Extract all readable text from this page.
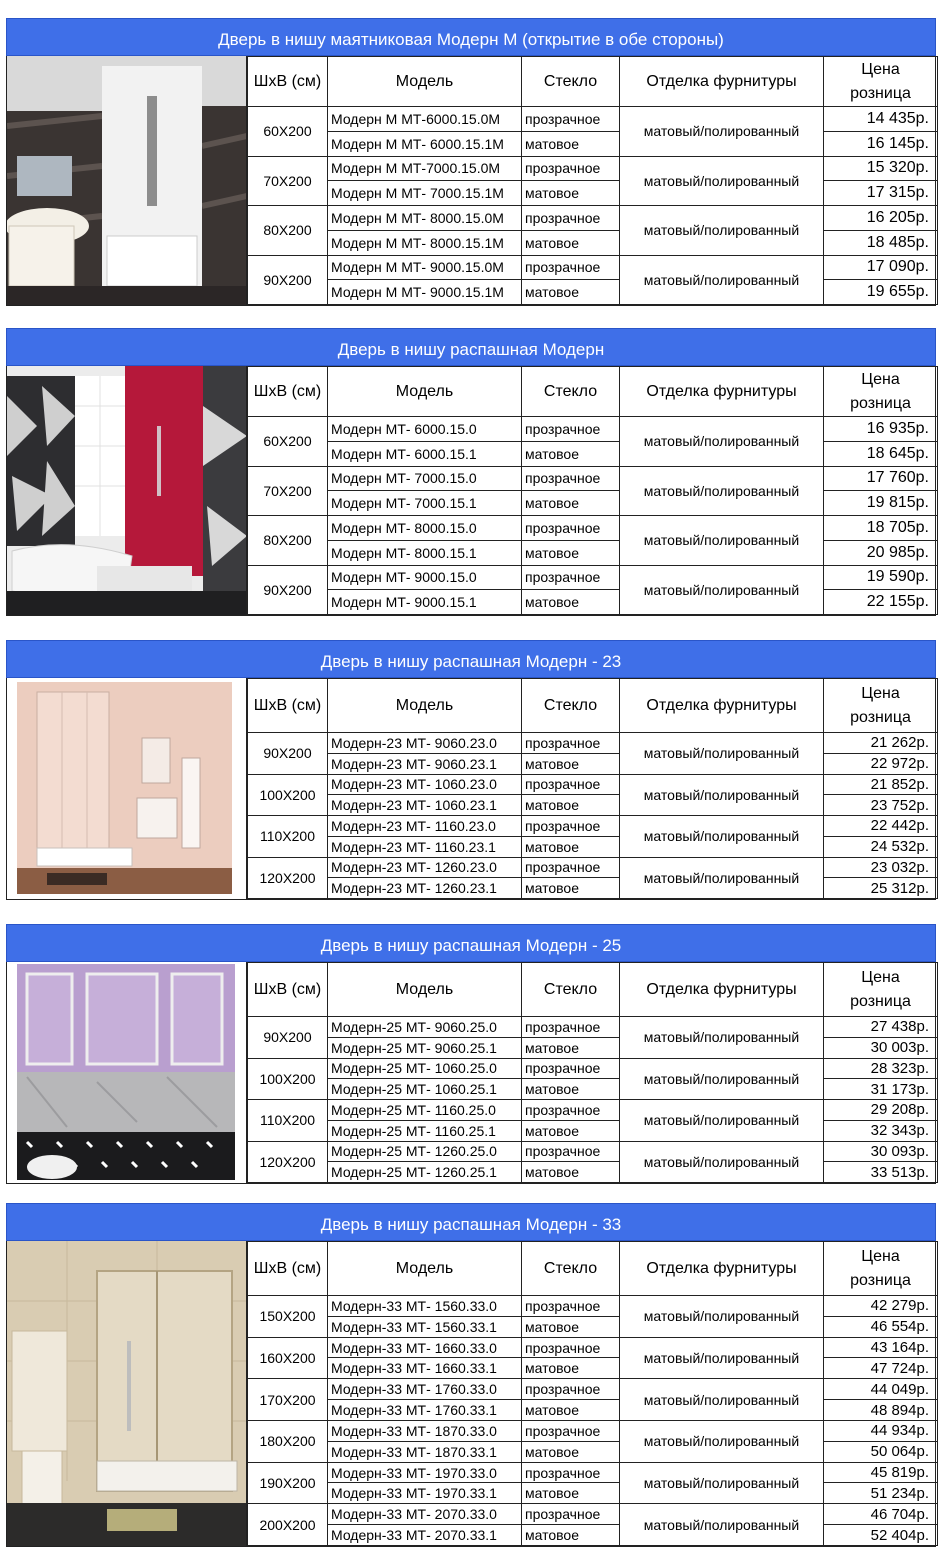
Дверь в нишу маятниковая Модерн М (открытие в обе стороны)
ШхВ (см)	Модель	Стекло	Отделка фурнитуры	Цена
розница
60Х200	Модерн М МТ-6000.15.0М	прозрачное	матовый/полированный	14 435р.
	Модерн М МТ- 6000.15.1М	матовое		16 145р.
70Х200	Модерн М МТ-7000.15.0М	прозрачное	матовый/полированный	15 320р.
	Модерн М МТ- 7000.15.1М	матовое		17 315р.
80Х200	Модерн М МТ- 8000.15.0М	прозрачное	матовый/полированный	16 205р.
	Модерн М МТ- 8000.15.1М	матовое		18 485р.
90Х200	Модерн М МТ- 9000.15.0М	прозрачное	матовый/полированный	17 090р.
	Модерн М МТ- 9000.15.1М	матовое		19 655р.
Дверь в нишу распашная Модерн
ШхВ (см)	Модель	Стекло	Отделка фурнитуры	Цена
розница
60Х200	Модерн МТ- 6000.15.0	прозрачное	матовый/полированный	16 935р.
	Модерн МТ- 6000.15.1	матовое		18 645р.
70Х200	Модерн МТ- 7000.15.0	прозрачное	матовый/полированный	17 760р.
	Модерн МТ- 7000.15.1	матовое		19 815р.
80Х200	Модерн МТ- 8000.15.0	прозрачное	матовый/полированный	18 705р.
	Модерн МТ- 8000.15.1	матовое		20 985р.
90Х200	Модерн МТ- 9000.15.0	прозрачное	матовый/полированный	19 590р.
	Модерн МТ- 9000.15.1	матовое		22 155р.
Дверь в нишу распашная Модерн - 23
ШхВ (см)	Модель	Стекло	Отделка фурнитуры	Цена
розница
90Х200	Модерн-23 МТ- 9060.23.0	прозрачное	матовый/полированный	21 262р.
	Модерн-23 МТ- 9060.23.1	матовое		22 972р.
100Х200	Модерн-23 МТ- 1060.23.0	прозрачное	матовый/полированный	21 852р.
	Модерн-23 МТ- 1060.23.1	матовое		23 752р.
110Х200	Модерн-23 МТ- 1160.23.0	прозрачное	матовый/полированный	22 442р.
	Модерн-23 МТ- 1160.23.1	матовое		24 532р.
120Х200	Модерн-23 МТ- 1260.23.0	прозрачное	матовый/полированный	23 032р.
	Модерн-23 МТ- 1260.23.1	матовое		25 312р.
Дверь в нишу распашная Модерн - 25
ШхВ (см)	Модель	Стекло	Отделка фурнитуры	Цена
розница
90Х200	Модерн-25 МТ- 9060.25.0	прозрачное	матовый/полированный	27 438р.
	Модерн-25 МТ- 9060.25.1	матовое		30 003р.
100Х200	Модерн-25 МТ- 1060.25.0	прозрачное	матовый/полированный	28 323р.
	Модерн-25 МТ- 1060.25.1	матовое		31 173р.
110Х200	Модерн-25 МТ- 1160.25.0	прозрачное	матовый/полированный	29 208р.
	Модерн-25 МТ- 1160.25.1	матовое		32 343р.
120Х200	Модерн-25 МТ- 1260.25.0	прозрачное	матовый/полированный	30 093р.
	Модерн-25 МТ- 1260.25.1	матовое		33 513р.
Дверь в нишу распашная Модерн - 33
ШхВ (см)	Модель	Стекло	Отделка фурнитуры	Цена
розница
150Х200	Модерн-33 МТ- 1560.33.0	прозрачное	матовый/полированный	42 279р.
	Модерн-33 МТ- 1560.33.1	матовое		46 554р.
160Х200	Модерн-33 МТ- 1660.33.0	прозрачное	матовый/полированный	43 164р.
	Модерн-33 МТ- 1660.33.1	матовое		47 724р.
170Х200	Модерн-33 МТ- 1760.33.0	прозрачное	матовый/полированный	44 049р.
	Модерн-33 МТ- 1760.33.1	матовое		48 894р.
180Х200	Модерн-33 МТ- 1870.33.0	прозрачное	матовый/полированный	44 934р.
	Модерн-33 МТ- 1870.33.1	матовое		50 064р.
190Х200	Модерн-33 МТ- 1970.33.0	прозрачное	матовый/полированный	45 819р.
	Модерн-33 МТ- 1970.33.1	матовое		51 234р.
200Х200	Модерн-33 МТ- 2070.33.0	прозрачное	матовый/полированный	46 704р.
	Модерн-33 МТ- 2070.33.1	матовое		52 404р.
